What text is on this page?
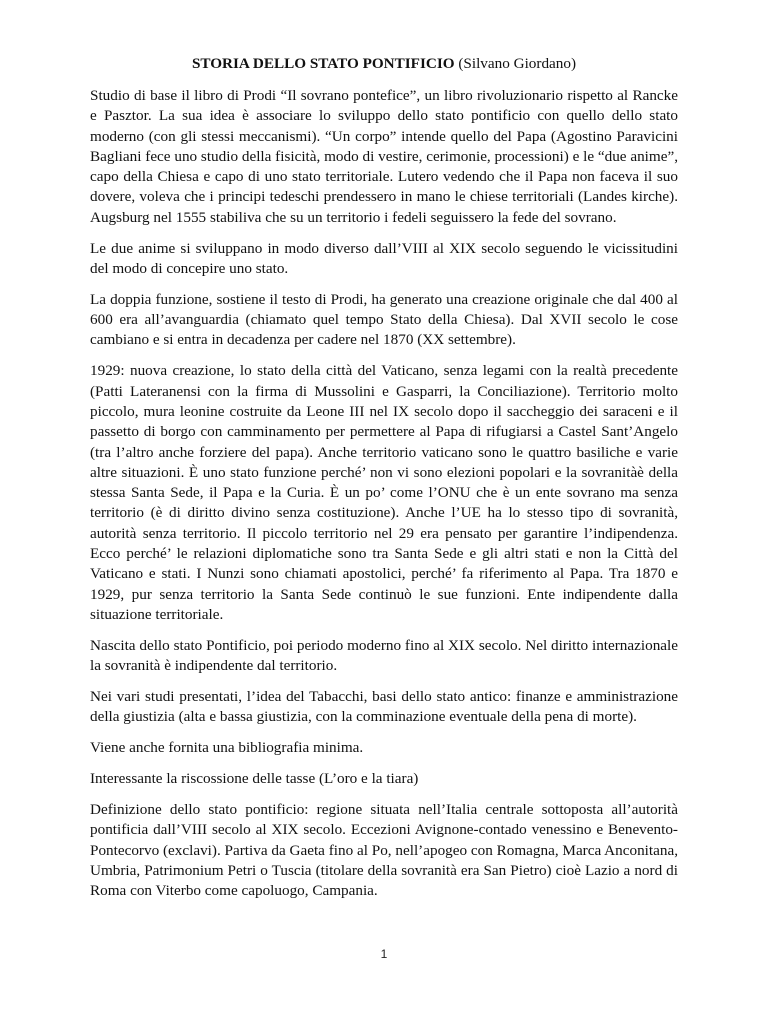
STORIA DELLO STATO PONTIFICIO (Silvano Giordano)

Studio di base il libro di Prodi “Il sovrano pontefice”, un libro rivoluzionario rispetto al Rancke e Pasztor. La sua idea è associare lo sviluppo dello stato pontificio con quello dello stato moderno (con gli stessi meccanismi). “Un corpo” intende quello del Papa (Agostino Paravicini Bagliani fece uno studio della fisicità, modo di vestire, cerimonie, processioni) e le “due anime”, capo della Chiesa e capo di uno stato territoriale. Lutero vedendo che il Papa non faceva il suo dovere, voleva che i principi tedeschi prendessero in mano le chiese territoriali (Landes kirche). Augsburg nel 1555 stabiliva che su un territorio i fedeli seguissero la fede del sovrano.

Le due anime si sviluppano in modo diverso dall’VIII al XIX secolo seguendo le vicissitudini del modo di concepire uno stato.

La doppia funzione, sostiene il testo di Prodi, ha generato una creazione originale che dal 400 al 600 era all’avanguardia (chiamato quel tempo Stato della Chiesa). Dal XVII secolo le cose cambiano e si entra in decadenza per cadere nel 1870 (XX settembre).

1929: nuova creazione, lo stato della città del Vaticano, senza legami con la realtà precedente (Patti Lateranensi con la firma di Mussolini e Gasparri, la Conciliazione). Territorio molto piccolo, mura leonine costruite da Leone III nel IX secolo dopo il saccheggio dei saraceni e il passetto di borgo con camminamento per permettere al Papa di rifugiarsi a Castel Sant’Angelo (tra l’altro anche forziere del papa). Anche territorio vaticano sono le quattro basiliche e varie altre situazioni. È uno stato funzione perché’ non vi sono elezioni popolari e la sovranitàè della stessa Santa Sede, il Papa e la Curia. È un po’ come l’ONU che è un ente sovrano ma senza territorio (è di diritto divino senza costituzione). Anche l’UE ha lo stesso tipo di sovranità, autorità senza territorio. Il piccolo territorio nel 29 era pensato per garantire l’indipendenza. Ecco perché’ le relazioni diplomatiche sono tra Santa Sede e gli altri stati e non la Città del Vaticano e stati. I Nunzi sono chiamati apostolici, perché’ fa riferimento al Papa. Tra 1870 e 1929, pur senza territorio la Santa Sede continuò le sue funzioni. Ente indipendente dalla situazione territoriale.

Nascita dello stato Pontificio, poi periodo moderno fino al XIX secolo. Nel diritto internazionale la sovranità è indipendente dal territorio.

Nei vari studi presentati, l’idea del Tabacchi, basi dello stato antico: finanze e amministrazione della giustizia (alta e bassa giustizia, con la comminazione eventuale della pena di morte).

Viene anche fornita una bibliografia minima.

Interessante la riscossione delle tasse (L’oro e la tiara)

Definizione dello stato pontificio: regione situata nell’Italia centrale sottoposta all’autorità pontificia dall’VIII secolo al XIX secolo. Eccezioni Avignone-contado venessino e Benevento-Pontecorvo (exclavi). Partiva da Gaeta fino al Po, nell’apogeo con Romagna, Marca Anconitana, Umbria, Patrimonium Petri o Tuscia (titolare della sovranità era San Pietro) cioè Lazio a nord di Roma con Viterbo come capoluogo, Campania.

1
